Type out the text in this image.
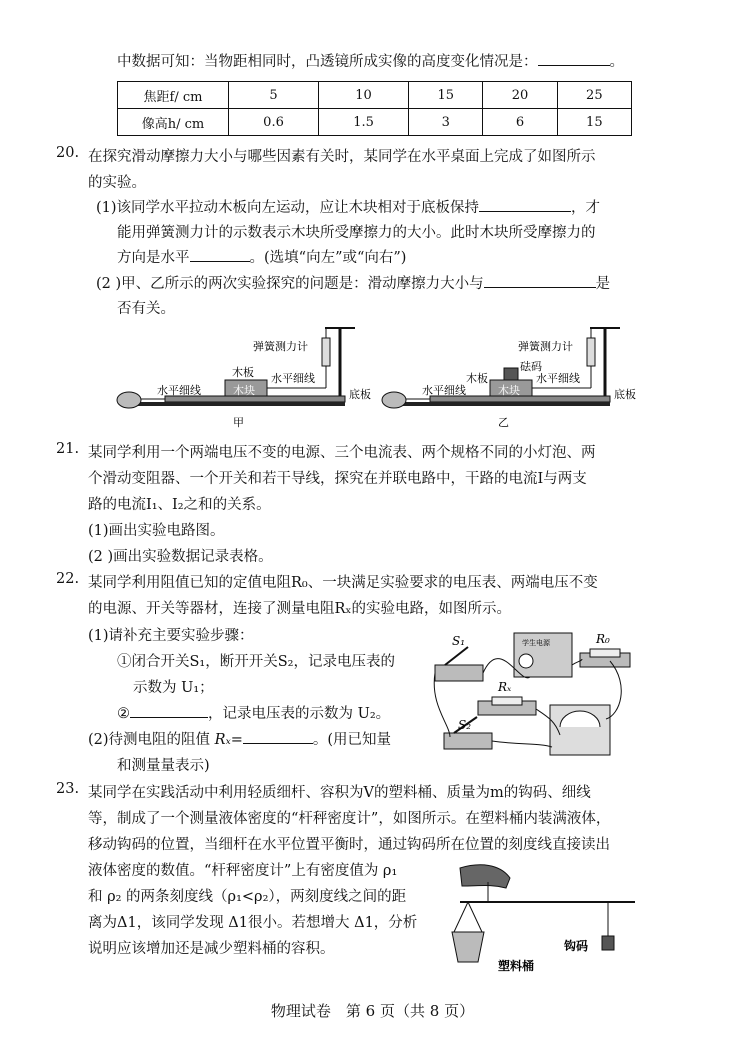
中数据可知：当物距相同时，凸透镜所成实像的高度变化情况是：	。
焦距f/ cm	5	10	15	20	25
像高h/ cm	0.6	1.5	3	6	15
20. 在探究滑动摩擦力大小与哪些因素有关时，某同学在水平桌面上完成了如图所示
的实验。
(1)该同学水平拉动木板向左运动，应让木块相对于底板保持	，才
能用弹簧测力计的示数表示木块所受摩擦力的大小。此时木块所受摩擦力的
方向是水平	。(选填“向左”或“向右”)
(2 )甲、乙所示的两次实验探究的问题是：滑动摩擦力大小与	是
否有关。
弹簧测力计
木板
木块
水平细线
水平细线	底板
甲
弹簧测力计
木板
砝码
木块
水平细线
水平细线	底板
乙
21. 某同学利用一个两端电压不变的电源、三个电流表、两个规格不同的小灯泡、两
个滑动变阻器、一个开关和若干导线，探究在并联电路中，干路的电流I与两支
路的电流I₁、I₂之和的关系。
(1)画出实验电路图。
(2 )画出实验数据记录表格。
22. 某同学利用阻值已知的定值电阻R₀、一块满足实验要求的电压表、两端电压不变
的电源、开关等器材，连接了测量电阻Rₓ的实验电路，如图所示。
(1)请补充主要实验步骤：
①闭合开关S₁，断开开关S₂，记录电压表的
示数为 U₁；
②	，记录电压表的示数为 U₂。
(2)待测电阻的阻值 Rₓ=	。(用已知量
和测量量表示)
S₁	R₀
Rₓ
S₂
学生电源
23. 某同学在实践活动中利用轻质细杆、容积为V的塑料桶、质量为m的钩码、细线
等，制成了一个测量液体密度的“杆秤密度计”，如图所示。在塑料桶内装满液体，
移动钩码的位置，当细杆在水平位置平衡时，通过钩码所在位置的刻度线直接读出
液体密度的数值。“杆秤密度计”上有密度值为 ρ₁
和 ρ₂ 的两条刻度线（ρ₁<ρ₂），两刻度线之间的距
离为Δ1，该同学发现 Δ1很小。若想增大 Δ1，分析
说明应该增加还是减少塑料桶的容积。	钩码
塑料桶
物理试卷　第 6 页（共 8 页）
